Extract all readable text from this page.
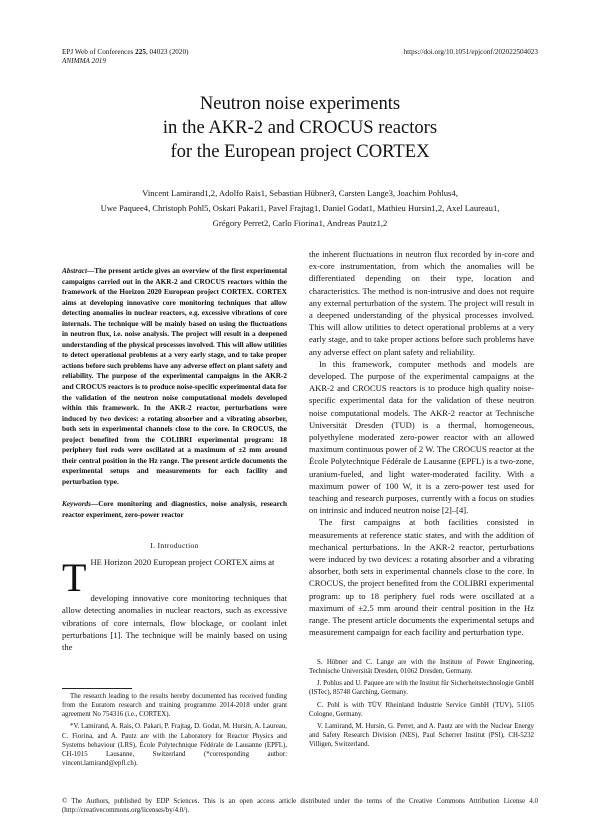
EPJ Web of Conferences 225, 04023 (2020)
ANIMMA 2019
https://doi.org/10.1051/epjconf/202022504023
Neutron noise experiments
in the AKR-2 and CROCUS reactors
for the European project CORTEX
Vincent Lamirand1,2, Adolfo Rais1, Sebastian Hübner3, Carsten Lange3, Joachim Pohlus4,
Uwe Paquee4, Christoph Pohl5, Oskari Pakari1, Pavel Frajtag1, Daniel Godat1, Mathieu Hursin1,2, Axel Laureau1,
Grégory Perret2, Carlo Fiorina1, Andreas Pautz1,2

Abstract—The present article gives an overview of the first experimental campaigns carried out in the AKR-2 and CROCUS reactors within the framework of the Horizon 2020 European project CORTEX. CORTEX aims at developing innovative core monitoring techniques that allow detecting anomalies in nuclear reactors, e.g. excessive vibrations of core internals. The technique will be mainly based on using the fluctuations in neutron flux, i.e. noise analysis. The project will result in a deepened understanding of the physical processes involved. This will allow utilities to detect operational problems at a very early stage, and to take proper actions before such problems have any adverse effect on plant safety and reliability. The purpose of the experimental campaigns in the AKR-2 and CROCUS reactors is to produce noise-specific experimental data for the validation of the neutron noise computational models developed within this framework. In the AKR-2 reactor, perturbations were induced by two devices: a rotating absorber and a vibrating absorber, both sets in experimental channels close to the core. In CROCUS, the project benefited from the COLIBRI experimental program: 18 periphery fuel rods were oscillated at a maximum of ±2 mm around their central position in the Hz range. The present article documents the experimental setups and measurements for each facility and perturbation type.

Keywords—Core monitoring and diagnostics, noise analysis, research reactor experiment, zero-power reactor

I. Introduction

THE Horizon 2020 European project CORTEX aims at

developing innovative core monitoring techniques that allow detecting anomalies in nuclear reactors, such as excessive vibrations of core internals, flow blockage, or coolant inlet perturbations [1]. The technique will be mainly based on using the

the inherent fluctuations in neutron flux recorded by in-core and ex-core instrumentation, from which the anomalies will be differentiated depending on their type, location and characteristics. The method is non-intrusive and does not require any external perturbation of the system. The project will result in a deepened understanding of the physical processes involved. This will allow utilities to detect operational problems at a very early stage, and to take proper actions before such problems have any adverse effect on plant safety and reliability.

In this framework, computer methods and models are developed. The purpose of the experimental campaigns at the AKR-2 and CROCUS reactors is to produce high quality noise-specific experimental data for the validation of these neutron noise computational models. The AKR-2 reactor at Technische Universität Dresden (TUD) is a thermal, homogeneous, polyethylene moderated zero-power reactor with an allowed maximum continuous power of 2 W. The CROCUS reactor at the École Polytechnique Fédérale de Lausanne (EPFL) is a two-zone, uranium-fueled, and light water-moderated facility. With a maximum power of 100 W, it is a zero-power test used for teaching and research purposes, currently with a focus on studies on intrinsic and induced neutron noise [2]–[4].

The first campaigns at both facilities consisted in measurements at reference static states, and with the addition of mechanical perturbations. In the AKR-2 reactor, perturbations were induced by two devices: a rotating absorber and a vibrating absorber, both sets in experimental channels close to the core. In CROCUS, the project benefited from the COLIBRI experimental program: up to 18 periphery fuel rods were oscillated at a maximum of ±2.5 mm around their central position in the Hz range. The present article documents the experimental setups and measurement campaign for each facility and perturbation type.

The research leading to the results hereby documented has received funding from the Euratom research and training programme 2014-2018 under grant agreement No 754316 (i.e., CORTEX).

*V. Lamirand, A. Rais, O. Pakari, P. Frajtag, D. Godat, M. Hursin, A. Laureau, C. Fiorina, and A. Pautz are with the Laboratory for Reactor Physics and Systems behaviour (LRS), École Polytechnique Fédérale de Lausanne (EPFL), CH-1015 Lausanne, Switzerland (*corresponding author: vincent.lamirand@epfl.ch).

S. Hübner and C. Lange are with the Institute of Power Engineering, Technische Universität Dresden, 01062 Dresden, Germany.

J. Pohlus and U. Paquee are with the Institut für Sicherheitstechnologie GmbH (ISTec), 85748 Garching, Germany.

C. Pohl is with TÜV Rheinland Industrie Service GmbH (TUV), 51105 Cologne, Germany.

V. Lamirand, M. Hursin, G. Perret, and A. Pautz are with the Nuclear Energy and Safety Research Division (NES), Paul Scherrer Institut (PSI), CH-5232 Villigen, Switzerland.

© The Authors, published by EDP Sciences. This is an open access article distributed under the terms of the Creative Commons Attribution License 4.0 (http://creativecommons.org/licenses/by/4.0/).
